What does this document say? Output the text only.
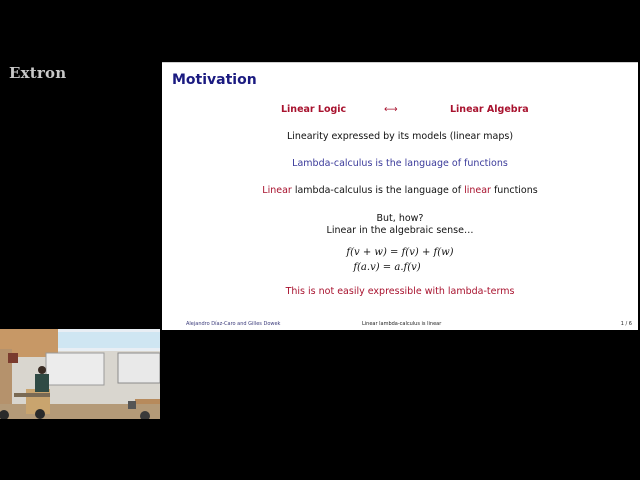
Extron	Motivation
Linear Logic	⟷	Linear Algebra
Linearity expressed by its models (linear maps)
Lambda-calculus is the language of functions
Linear lambda-calculus is the language of linear functions
But, how?
Linear in the algebraic sense…
f(v + w) = f(v) + f(w)
f(a.v) = a.f(v)
This is not easily expressible with lambda-terms
Alejandro Díaz-Caro and Gilles Dowek	Linear lambda-calculus is linear	1 / 6
